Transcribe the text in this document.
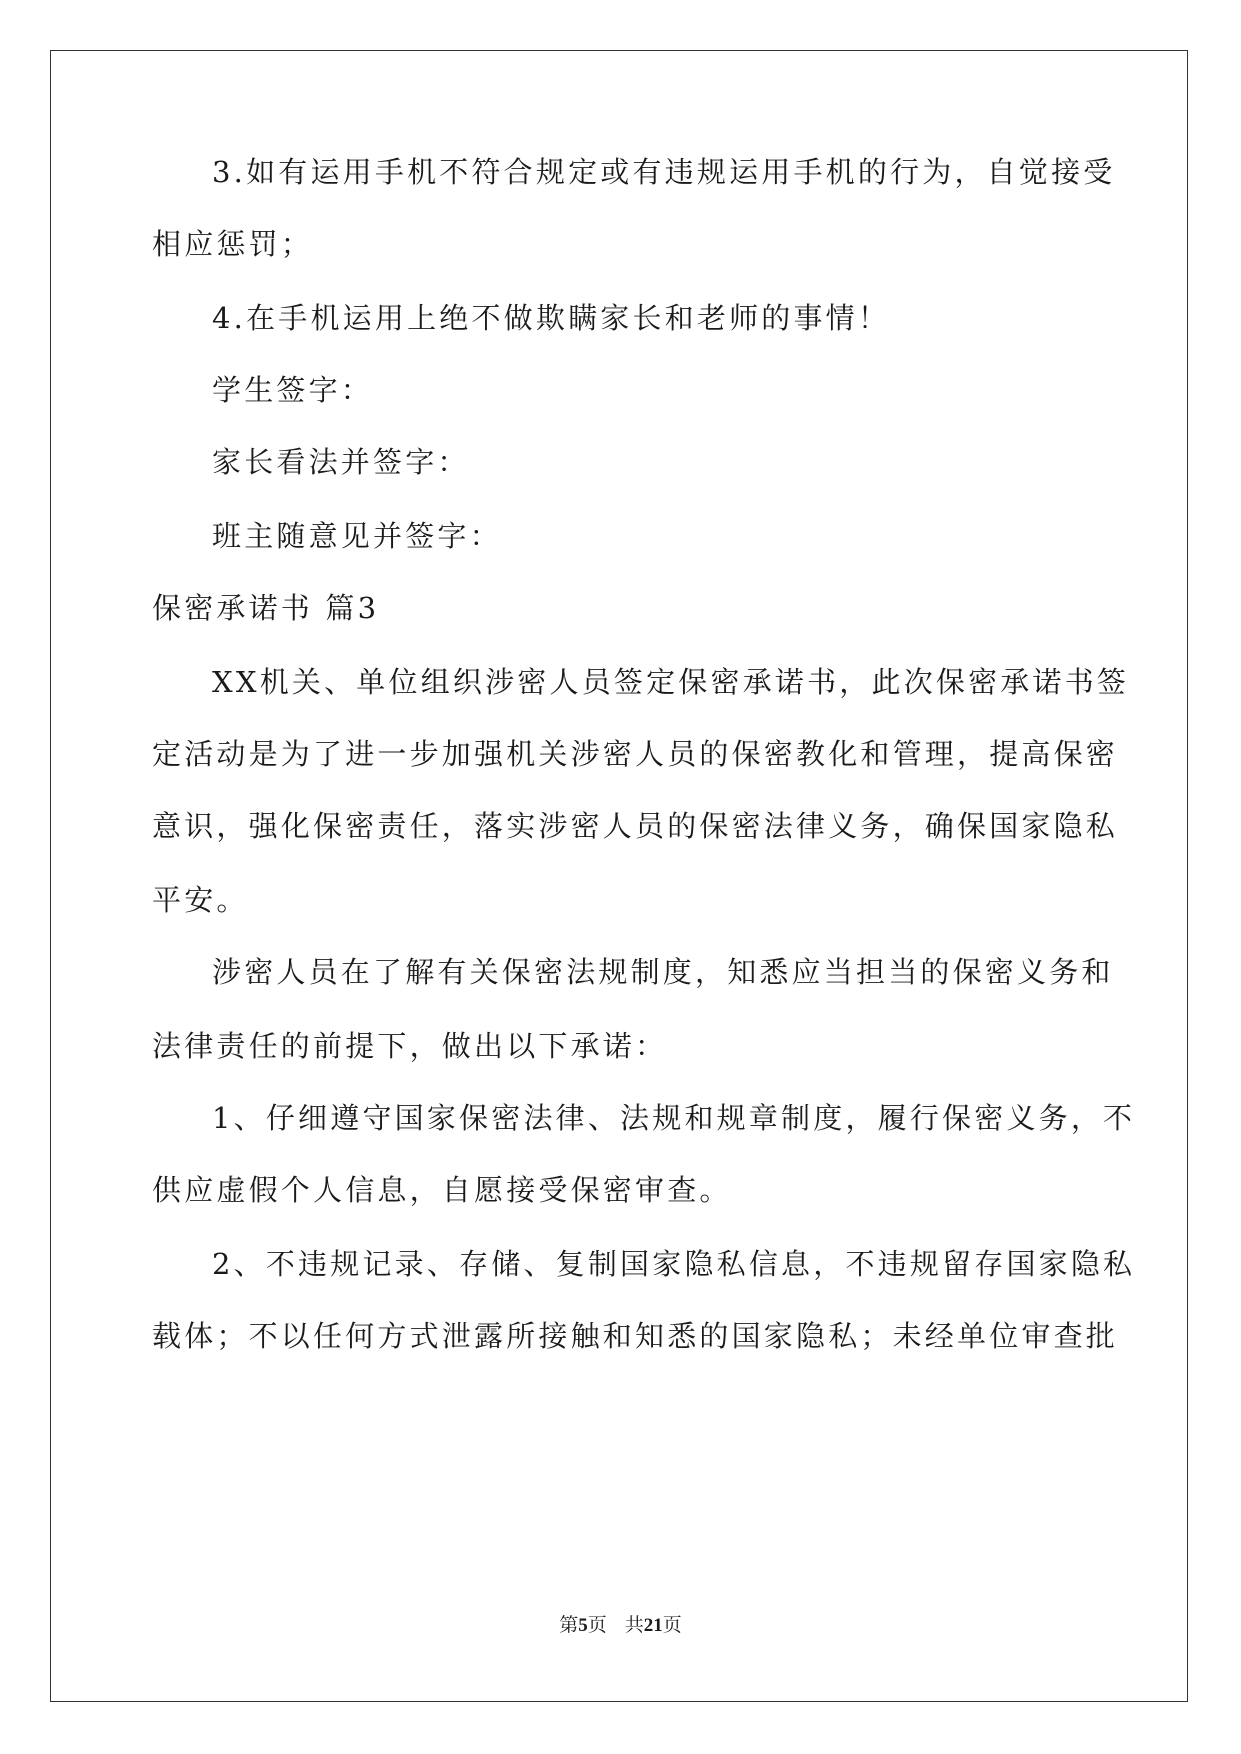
3.如有运用手机不符合规定或有违规运用手机的行为，自觉接受
相应惩罚；
4.在手机运用上绝不做欺瞒家长和老师的事情！
学生签字：
家长看法并签字：
班主随意见并签字：
保密承诺书 篇3
XX机关、单位组织涉密人员签定保密承诺书，此次保密承诺书签
定活动是为了进一步加强机关涉密人员的保密教化和管理，提高保密
意识，强化保密责任，落实涉密人员的保密法律义务，确保国家隐私
平安。
涉密人员在了解有关保密法规制度，知悉应当担当的保密义务和
法律责任的前提下，做出以下承诺：
1、仔细遵守国家保密法律、法规和规章制度，履行保密义务，不
供应虚假个人信息，自愿接受保密审查。
2、不违规记录、存储、复制国家隐私信息，不违规留存国家隐私
载体；不以任何方式泄露所接触和知悉的国家隐私；未经单位审查批
第5页 共21页
